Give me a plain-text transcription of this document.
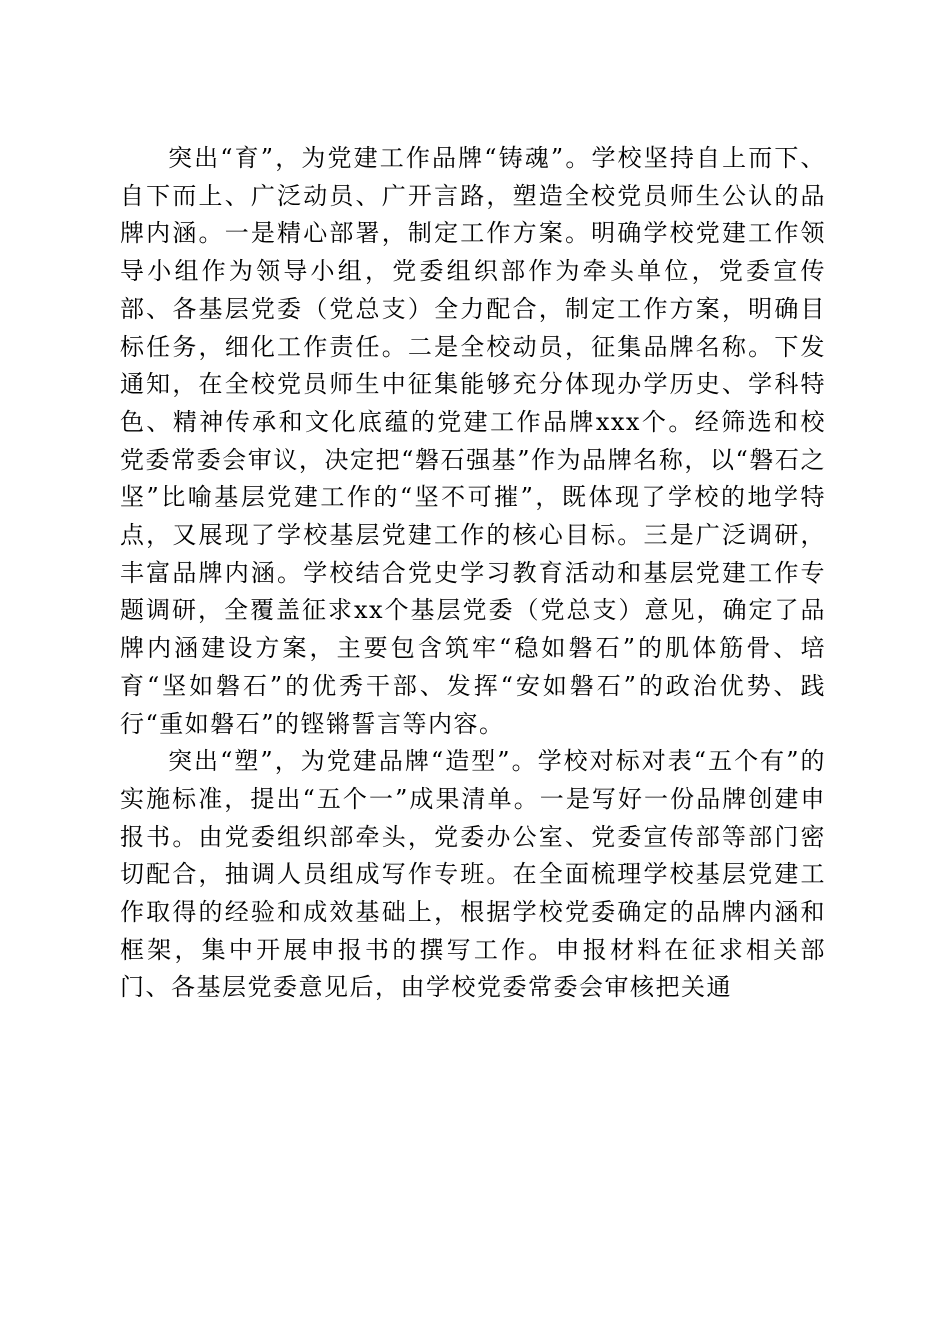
突出“育”，为党建工作品牌“铸魂”。学校坚持自上而下、自下而上、广泛动员、广开言路，塑造全校党员师生公认的品牌内涵。一是精心部署，制定工作方案。明确学校党建工作领导小组作为领导小组，党委组织部作为牵头单位，党委宣传部、各基层党委（党总支）全力配合，制定工作方案，明确目标任务，细化工作责任。二是全校动员，征集品牌名称。下发通知，在全校党员师生中征集能够充分体现办学历史、学科特色、精神传承和文化底蕴的党建工作品牌xxx个。经筛选和校党委常委会审议，决定把“磐石强基”作为品牌名称，以“磐石之坚”比喻基层党建工作的“坚不可摧”，既体现了学校的地学特点，又展现了学校基层党建工作的核心目标。三是广泛调研，丰富品牌内涵。学校结合党史学习教育活动和基层党建工作专题调研，全覆盖征求xx个基层党委（党总支）意见，确定了品牌内涵建设方案，主要包含筑牢“稳如磐石”的肌体筋骨、培育“坚如磐石”的优秀干部、发挥“安如磐石”的政治优势、践行“重如磐石”的铿锵誓言等内容。

突出“塑”，为党建品牌“造型”。学校对标对表“五个有”的实施标准，提出“五个一”成果清单。一是写好一份品牌创建申报书。由党委组织部牵头，党委办公室、党委宣传部等部门密切配合，抽调人员组成写作专班。在全面梳理学校基层党建工作取得的经验和成效基础上，根据学校党委确定的品牌内涵和框架，集中开展申报书的撰写工作。申报材料在征求相关部门、各基层党委意见后，由学校党委常委会审核把关通
